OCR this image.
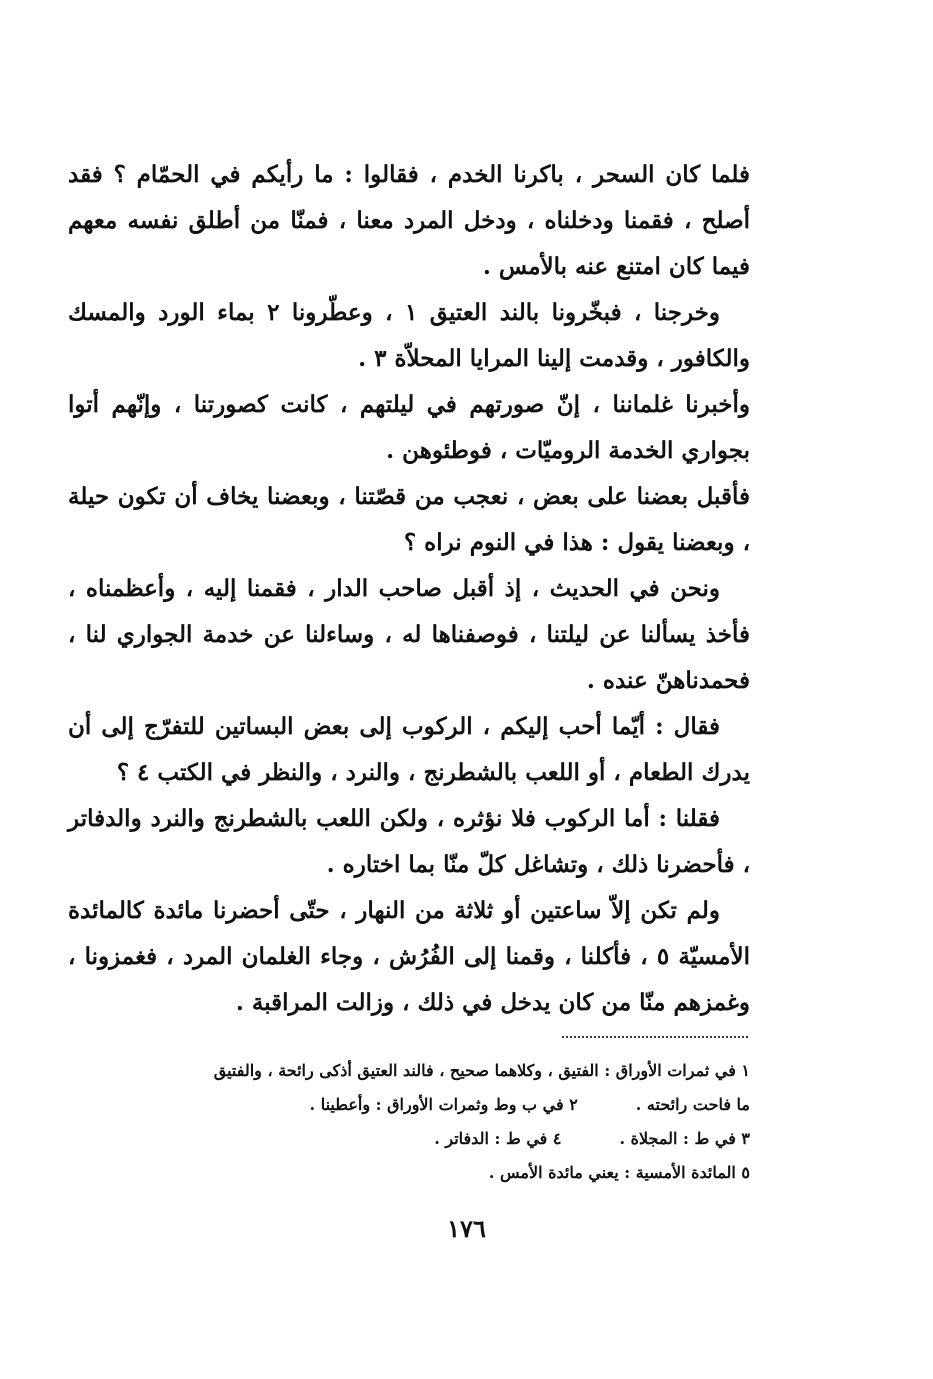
فلما كان السحر ، باكرنا الخدم ، فقالوا : ما رأيكم في الحمّام ؟ فقد أصلح ، فقمنا ودخلناه ، ودخل المرد معنا ، فمنّا من أطلق نفسه معهم فيما كان امتنع عنه بالأمس .

وخرجنا ، فبخّرونا بالند العتيق ١ ، وعطّرونا ٢ بماء الورد والمسك والكافور ، وقدمت إلينا المرايا المحلاّة ٣ .

وأخبرنا غلماننا ، إنّ صورتهم في ليلتهم ، كانت كصورتنا ، وإنّهم أتوا بجواري الخدمة الروميّات ، فوطئوهن .

فأقبل بعضنا على بعض ، نعجب من قصّتنا ، وبعضنا يخاف أن تكون حيلة ، وبعضنا يقول : هذا في النوم نراه ؟

ونحن في الحديث ، إذ أقبل صاحب الدار ، فقمنا إليه ، وأعظمناه ، فأخذ يسألنا عن ليلتنا ، فوصفناها له ، وساءلنا عن خدمة الجواري لنا ، فحمدناهنّ عنده .

فقال : أيّما أحب إليكم ، الركوب إلى بعض البساتين للتفرّج إلى أن يدرك الطعام ، أو اللعب بالشطرنج ، والنرد ، والنظر في الكتب ٤ ؟

فقلنا : أما الركوب فلا نؤثره ، ولكن اللعب بالشطرنج والنرد والدفاتر ، فأحضرنا ذلك ، وتشاغل كلّ منّا بما اختاره .

ولم تكن إلاّ ساعتين أو ثلاثة من النهار ، حتّى أحضرنا مائدة كالمائدة الأمسيّة ٥ ، فأكلنا ، وقمنا إلى الفُرُش ، وجاء الغلمان المرد ، فغمزونا ، وغمزهم منّا من كان يدخل في ذلك ، وزالت المراقبة .

١ في ثمرات الأوراق : الفتيق ، وكلاهما صحيح ، فالند العتيق أذكى رائحة ، والفتيق

ما فاحت رائحته .
٢ في ب وط وثمرات الأوراق : وأعطينا .
٣ في ط : المجلاة .
٤ في ط : الدفاتر .

٥ المائدة الأمسية : يعني مائدة الأمس .

١٧٦
